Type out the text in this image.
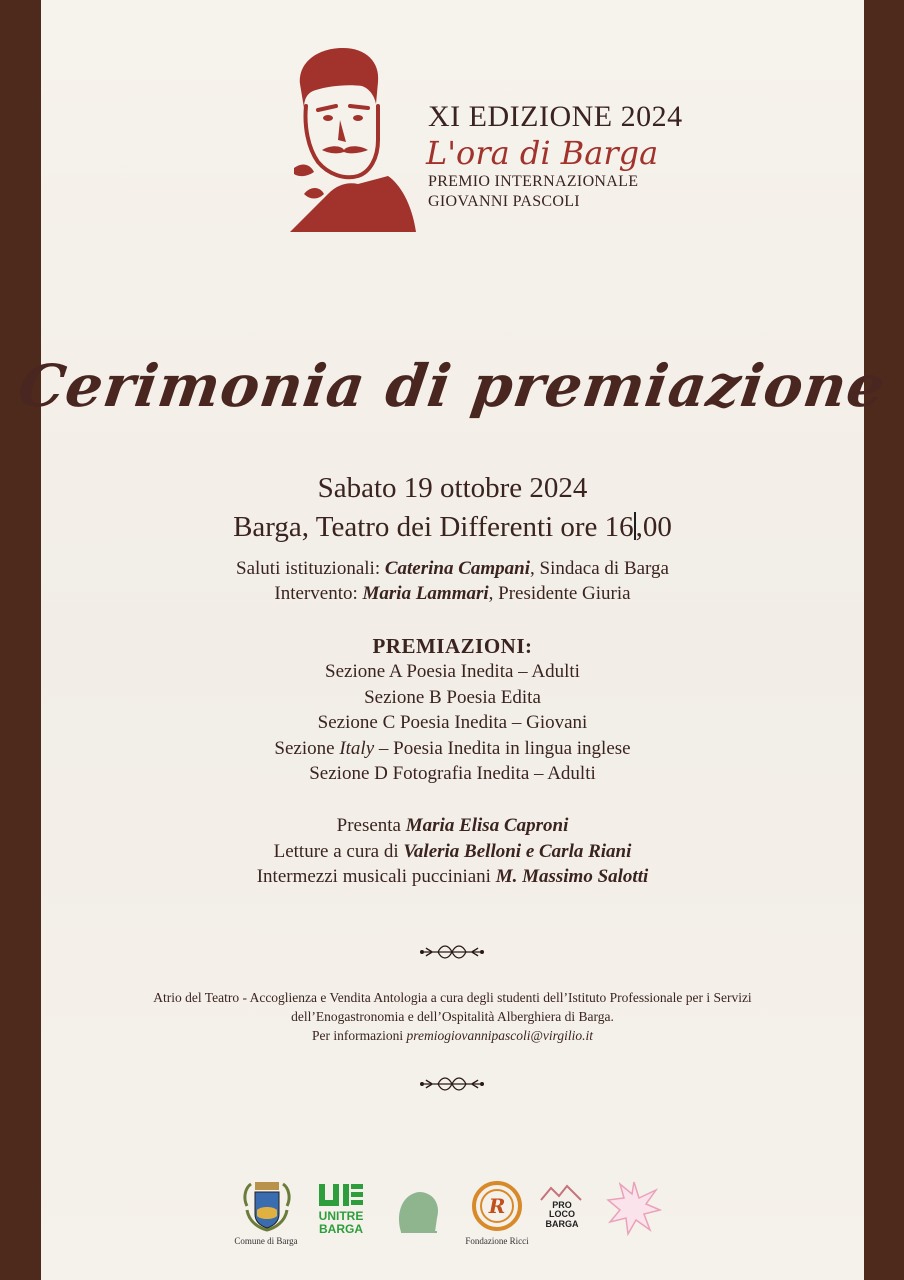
XI EDIZIONE 2024
L'ora di Barga
PREMIO INTERNAZIONALE
GIOVANNI PASCOLI
Cerimonia di premiazione
Sabato 19 ottobre 2024
Barga, Teatro dei Differenti ore 16,00
Saluti istituzionali: Caterina Campani, Sindaca di Barga
Intervento: Maria Lammari, Presidente Giuria
PREMIAZIONI:
Sezione A Poesia Inedita – Adulti
Sezione B Poesia Edita
Sezione C Poesia Inedita – Giovani
Sezione Italy – Poesia Inedita in lingua inglese
Sezione D Fotografia Inedita – Adulti
Presenta Maria Elisa Caproni
Letture a cura di Valeria Belloni e Carla Riani
Intermezzi musicali pucciniani M. Massimo Salotti
Atrio del Teatro - Accoglienza e Vendita Antologia a cura degli studenti dell’Istituto Professionale per i Servizi
dell’Enogastronomia e dell’Ospitalità Alberghiera di Barga.
Per informazioni premiogiovannipascoli@virgilio.it
Comune di Barga
UNITRE
BARGA
R
Fondazione Ricci
PRO
LOCO
BARGA
